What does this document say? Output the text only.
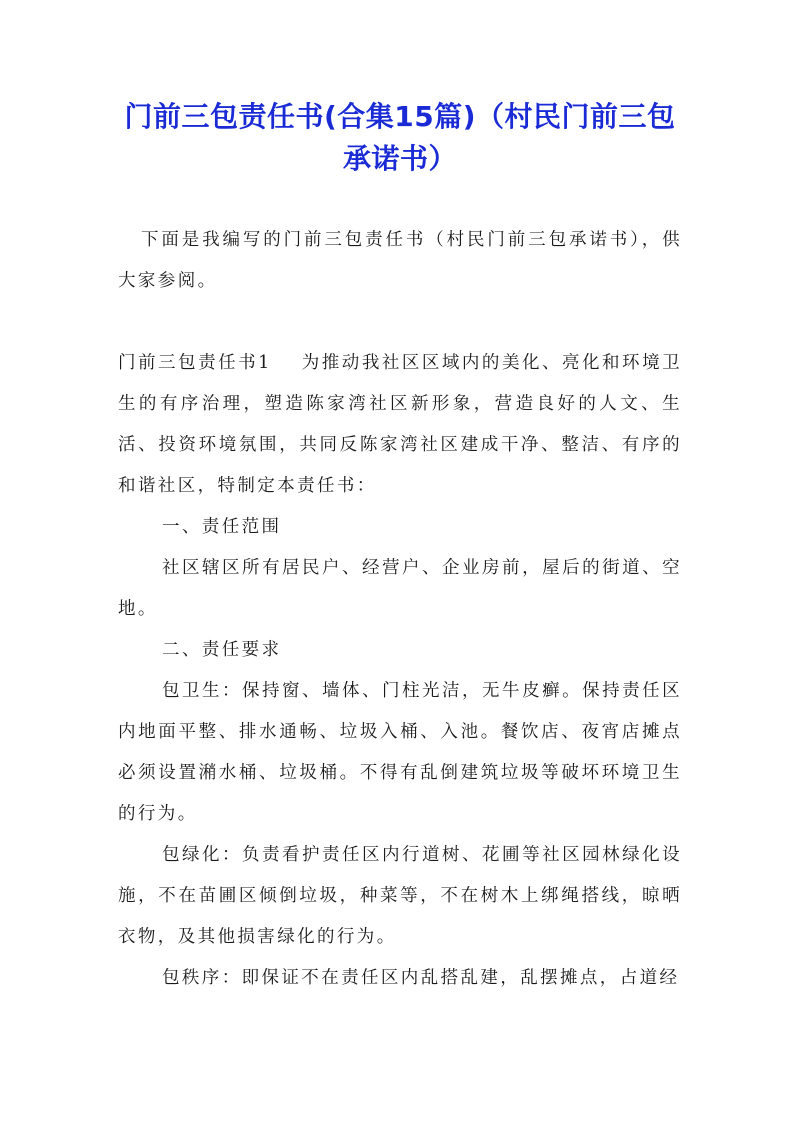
门前三包责任书(合集15篇)（村民门前三包承诺书）

下面是我编写的门前三包责任书（村民门前三包承诺书），供大家参阅。

门前三包责任书1 为推动我社区区域内的美化、亮化和环境卫生的有序治理，塑造陈家湾社区新形象，营造良好的人文、生活、投资环境氛围，共同反陈家湾社区建成干净、整洁、有序的和谐社区，特制定本责任书：

一、责任范围

社区辖区所有居民户、经营户、企业房前，屋后的街道、空地。

二、责任要求

包卫生：保持窗、墙体、门柱光洁，无牛皮癣。保持责任区内地面平整、排水通畅、垃圾入桶、入池。餐饮店、夜宵店摊点必须设置潲水桶、垃圾桶。不得有乱倒建筑垃圾等破坏环境卫生的行为。

包绿化：负责看护责任区内行道树、花圃等社区园林绿化设施，不在苗圃区倾倒垃圾，种菜等，不在树木上绑绳搭线，晾晒衣物，及其他损害绿化的行为。

包秩序：即保证不在责任区内乱搭乱建，乱摆摊点，占道经
